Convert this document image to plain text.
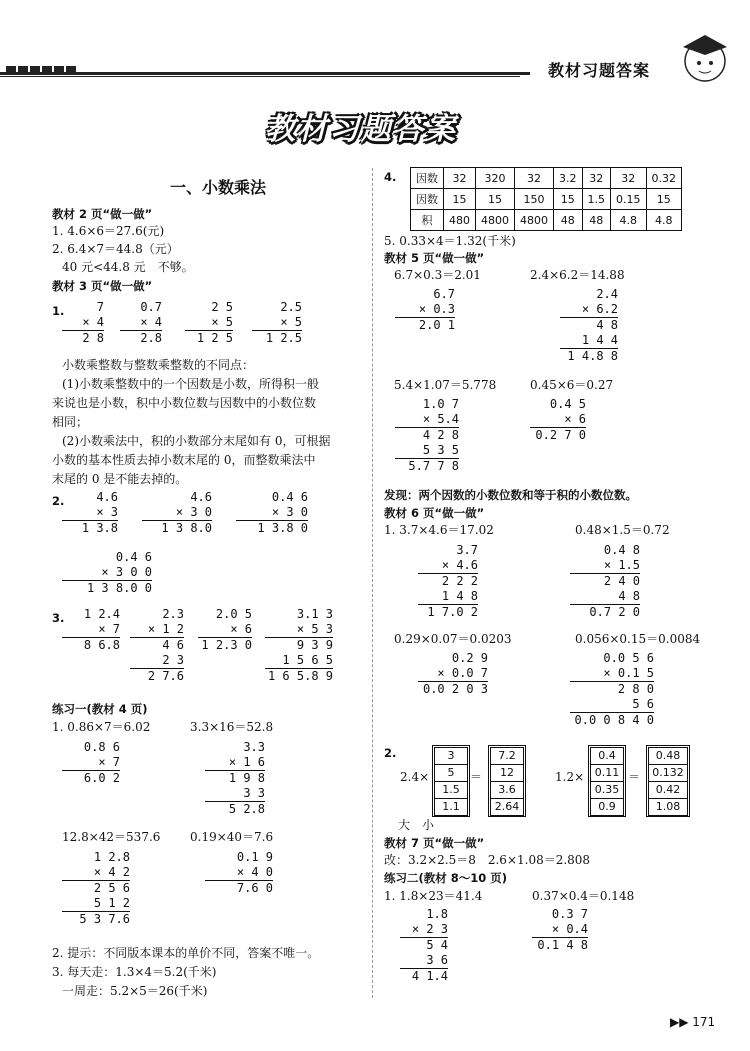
教材习题答案
教材习题答案
一、小数乘法
教材 2 页“做一做”
1. 4.6×6＝27.6(元)
2. 6.4×7＝44.8（元）
40 元<44.8 元　不够。
教材 3 页“做一做”
1.	7
× 4
2 8
0.7
× 4
2.8
2 5
× 5
1 2 5
2.5
× 5
1 2.5
小数乘整数与整数乘整数的不同点：
(1)小数乘整数中的一个因数是小数，所得积一般
来说也是小数，积中小数位数与因数中的小数位数
相同；
(2)小数乘法中，积的小数部分末尾如有 0，可根据
小数的基本性质去掉小数末尾的 0，而整数乘法中
末尾的 0 是不能去掉的。
2.	4.6
× 3
1 3.8
4.6
× 3 0
1 3 8.0
0.4 6
× 3 0
1 3.8 0
0.4 6
× 3 0 0
1 3 8.0 0
3.	1 2.4
× 7
8 6.8
2.3
× 1 2
4 6
2 3
2 7.6
2.0 5
× 6
1 2.3 0
3.1 3
× 5 3
9 3 9
1 5 6 5
1 6 5.8 9
练习一(教材 4 页)
1. 0.86×7＝6.02	3.3×16＝52.8
0.8 6
× 7
6.0 2
3.3
× 1 6
1 9 8
3 3
5 2.8
12.8×42＝537.6 0.19×40＝7.6
1 2.8
× 4 2
2 5 6
5 1 2
5 3 7.6
0.1 9
× 4 0
7.6 0
2. 提示：不同版本课本的单价不同，答案不唯一。
3. 每天走：1.3×4＝5.2(千米)
一周走：5.2×5＝26(千米)
4. 因数	32	320	32	3.2	32	32	0.32
因数	15	15	150	15	1.5	0.15	15
积	480	4800	4800	48	48	4.8	4.8
5. 0.33×4＝1.32(千米)
教材 5 页“做一做”
6.7×0.3＝2.01	2.4×6.2＝14.88
6.7
× 0.3
2.0 1
2.4
× 6.2
4 8
1 4 4
1 4.8 8
5.4×1.07＝5.778	0.45×6＝0.27
1.0 7
× 5.4
4 2 8
5 3 5
5.7 7 8
0.4 5
× 6
0.2 7 0
发现：两个因数的小数位数和等于积的小数位数。
教材 6 页“做一做”
1. 3.7×4.6＝17.02	0.48×1.5＝0.72
3.7
× 4.6
2 2 2
1 4 8
1 7.0 2
0.4 8
× 1.5
2 4 0
4 8
0.7 2 0
0.29×0.07＝0.0203	0.056×0.15＝0.0084
0.2 9
× 0.0 7
0.0 2 0 3
0.0 5 6
× 0.1 5
2 8 0
5 6
0.0 0 8 4 0
2.
2.4×
3
5
1.5
1.1
＝
7.2
12
3.6
2.64
1.2×
0.4
0.11
0.35
0.9
＝
0.48
0.132
0.42
1.08
大　小
教材 7 页“做一做”
改：3.2×2.5＝8　2.6×1.08＝2.808
练习二(教材 8～10 页)
1. 1.8×23＝41.4	0.37×0.4＝0.148
1.8
× 2 3
5 4
3 6
4 1.4
0.3 7
× 0.4
0.1 4 8
▶▶ 171
